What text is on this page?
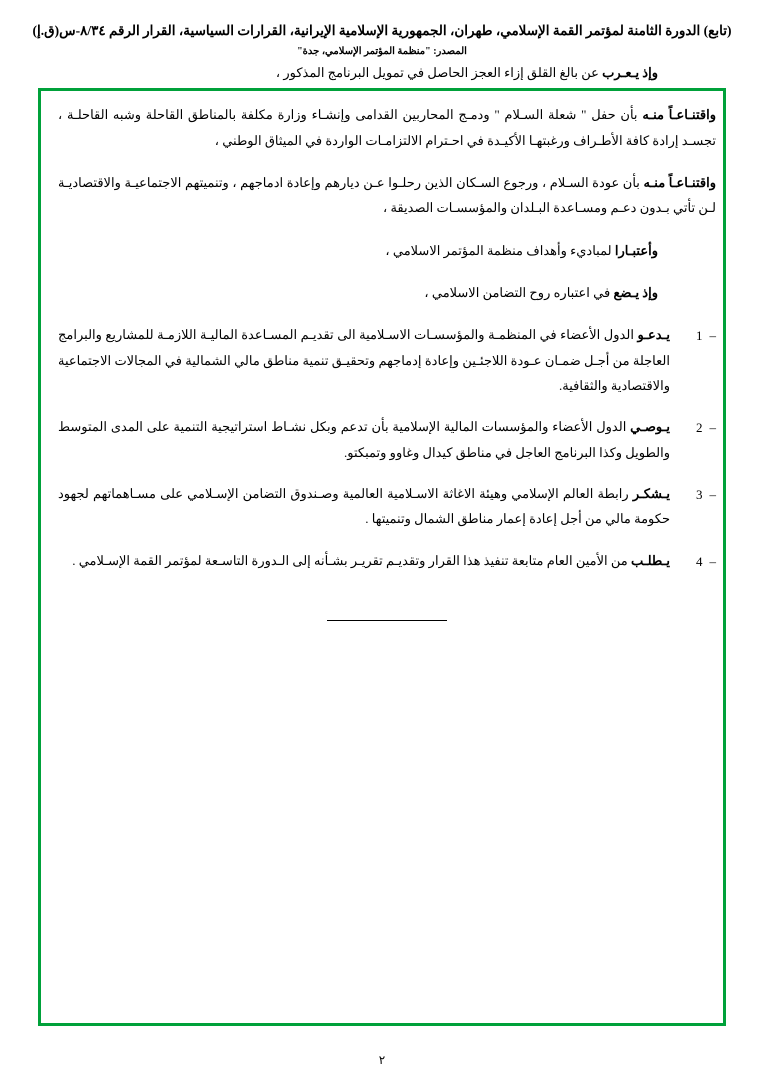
(تابع) الدورة الثامنة لمؤتمر القمة الإسلامي، طهران، الجمهورية الإسلامية الإيرانية، القرارات السياسية، القرار الرقم ٨/٣٤-س(ق.إ)
المصدر: "منظمة المؤتمر الإسلامي، جدة"
وإذ يـعـرب عن بالغ القلق إزاء العجز الحاصل في تمويل البرنامج المذكور ،
واقتنـاعـاً منـه بأن حفل " شعلة السـلام " ودمـج المحاربين القدامى وإنشـاء وزارة مكلفة بالمناطق القاحلة وشبه القاحلـة ، تجسـد إرادة كافة الأطـراف ورغبتهـا الأكيـدة في احـترام الالتزامـات الواردة في الميثاق الوطني ،
واقتنـاعـاً منـه بأن عودة السـلام ، ورجوع السـكان الذين رحلـوا عـن ديارهم وإعادة ادماجهم ، وتنميتهم الاجتماعيـة والاقتصاديـة لـن تأتي بـدون دعـم ومسـاعدة البـلدان والمؤسسـات الصديقة ،
وأعتبـارا لمباديء وأهداف منظمة المؤتمر الاسلامي ،
وإذ يـضع في اعتباره روح التضامن الاسلامي ،
–1
يـدعـو الدول الأعضاء في المنظمـة والمؤسسـات الاسـلامية الى تقديـم المسـاعدة الماليـة اللازمـة للمشاريع والبرامج العاجلة من أجـل ضمـان عـودة اللاجئـين وإعادة إدماجهم وتحقيـق تنمية مناطق مالي الشمالية في المجالات الاجتماعية والاقتصادية والثقافية.
–2
يـوصـي الدول الأعضاء والمؤسسات المالية الإسلامية بأن تدعم وبكل نشـاط استراتيجية التنمية على المدى المتوسط والطويل وكذا البرنامج العاجل في مناطق كيدال وغاوو وتمبكتو.
–3
يـشكـر رابطة العالم الإسلامي وهيئة الاغاثة الاسـلامية العالمية وصـندوق التضامن الإسـلامي على مسـاهماتهم لجهود حكومة مالي من أجل إعادة إعمار مناطق الشمال وتنميتها .
–4
يـطلـب من الأمين العام متابعة تنفيذ هذا القرار وتقديـم تقريـر بشـأنه إلى الـدورة التاسـعة لمؤتمر القمة الإسـلامي .
٢
